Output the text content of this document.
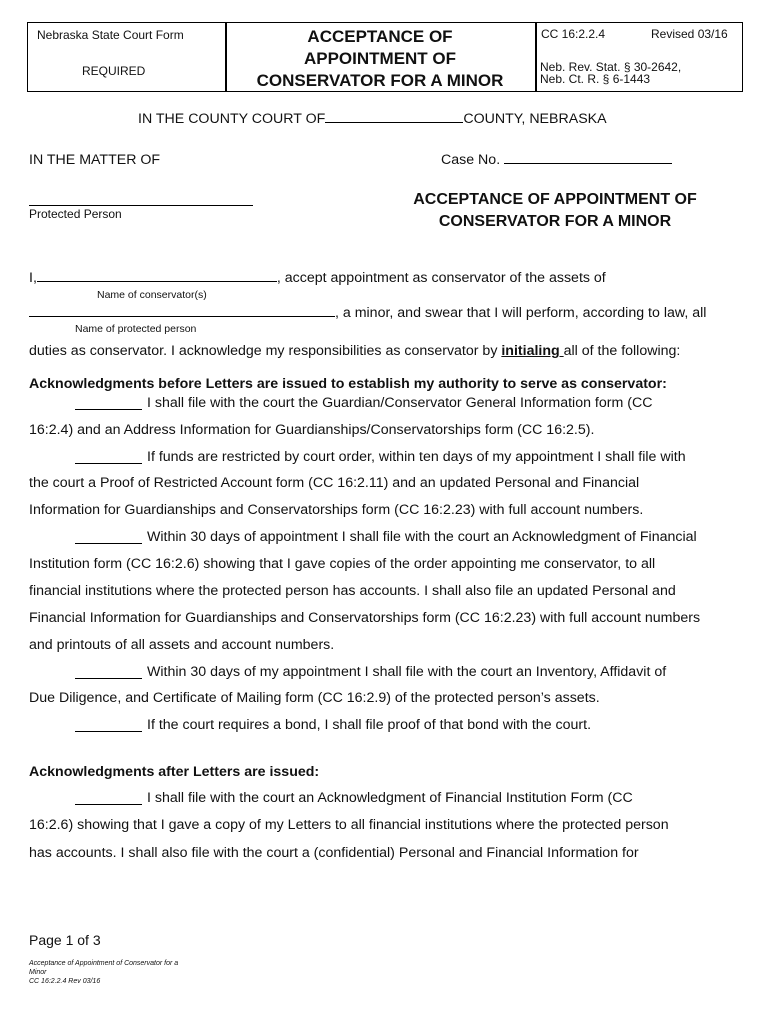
Nebraska State Court Form
REQUIRED
ACCEPTANCE OF
APPOINTMENT OF
CONSERVATOR FOR A MINOR
CC 16:2.2.4	Revised 03/16
Neb. Rev. Stat. § 30-2642,
Neb. Ct. R. § 6-1443
IN THE COUNTY COURT OF	COUNTY, NEBRASKA
IN THE MATTER OF	Case No.
Protected Person
ACCEPTANCE OF APPOINTMENT OF
CONSERVATOR FOR A MINOR
I,	, accept appointment as conservator of the assets of
Name of conservator(s)
, a minor, and swear that I will perform, according to law, all
Name of protected person
duties as conservator. I acknowledge my responsibilities as conservator by initialing all of the following:
Acknowledgments before Letters are issued to establish my authority to serve as conservator:
I shall file with the court the Guardian/Conservator General Information form (CC
16:2.4) and an Address Information for Guardianships/Conservatorships form (CC 16:2.5).
If funds are restricted by court order, within ten days of my appointment I shall file with
the court a Proof of Restricted Account form (CC 16:2.11) and an updated Personal and Financial
Information for Guardianships and Conservatorships form (CC 16:2.23) with full account numbers.
Within 30 days of appointment I shall file with the court an Acknowledgment of Financial
Institution form (CC 16:2.6) showing that I gave copies of the order appointing me conservator, to all
financial institutions where the protected person has accounts. I shall also file an updated Personal and
Financial Information for Guardianships and Conservatorships form (CC 16:2.23) with full account numbers
and printouts of all assets and account numbers.
Within 30 days of my appointment I shall file with the court an Inventory, Affidavit of
Due Diligence, and Certificate of Mailing form (CC 16:2.9) of the protected person’s assets.
If the court requires a bond, I shall file proof of that bond with the court.
Acknowledgments after Letters are issued:
I shall file with the court an Acknowledgment of Financial Institution Form (CC
16:2.6) showing that I gave a copy of my Letters to all financial institutions where the protected person
has accounts. I shall also file with the court a (confidential) Personal and Financial Information for
Page 1 of 3
Acceptance of Appointment of Conservator for a
Minor
CC 16:2.2.4 Rev 03/16
